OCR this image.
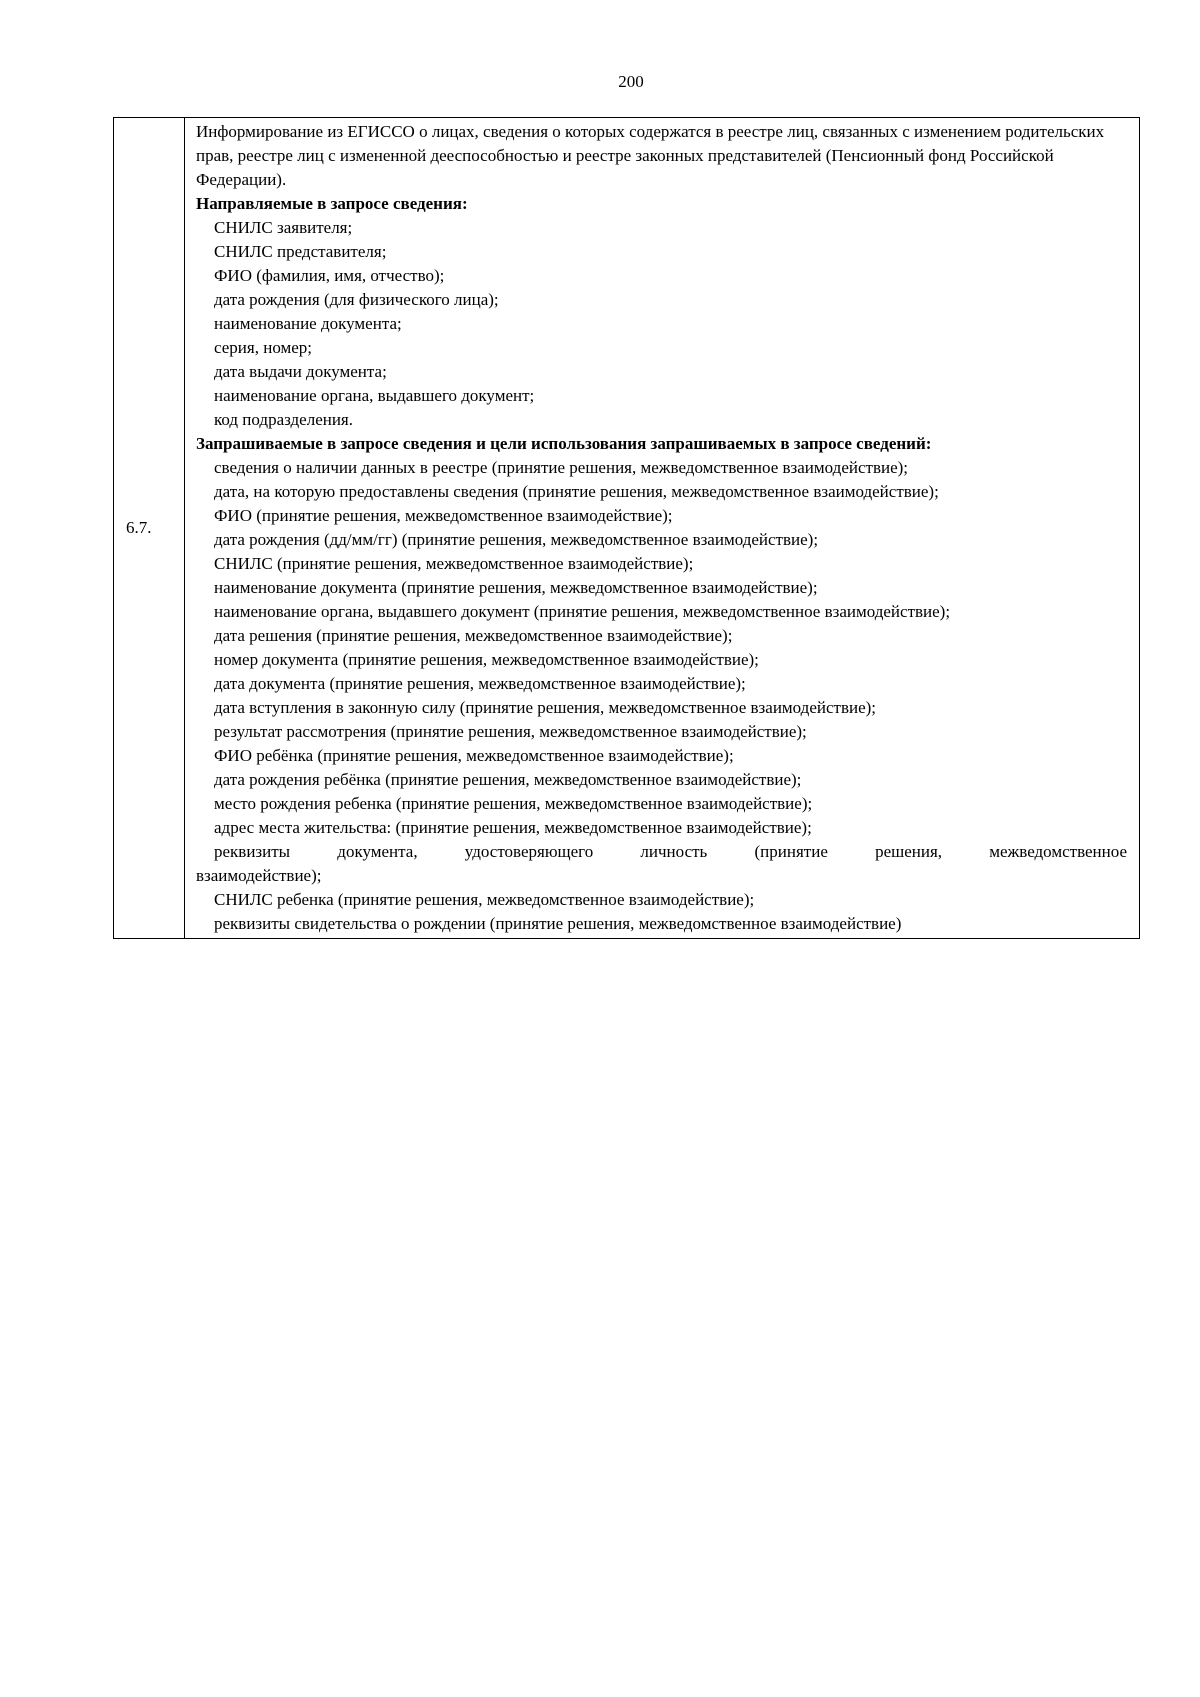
200
6.7.

Информирование из ЕГИССО о лицах, сведения о которых содержатся в реестре лиц, связанных с изменением родительских прав, реестре лиц с измененной дееспособностью и реестре законных представителей (Пенсионный фонд Российской Федерации).

Направляемые в запросе сведения:

СНИЛС заявителя;
СНИЛС представителя;
ФИО (фамилия, имя, отчество);
дата рождения (для физического лица);
наименование документа;
серия, номер;
дата выдачи документа;
наименование органа, выдавшего документ;
код подразделения.

Запрашиваемые в запросе сведения и цели использования запрашиваемых в запросе сведений:

сведения о наличии данных в реестре (принятие решения, межведомственное взаимодействие);
дата, на которую предоставлены сведения (принятие решения, межведомственное взаимодействие);
ФИО (принятие решения, межведомственное взаимодействие);
дата рождения (дд/мм/гг) (принятие решения, межведомственное взаимодействие);
СНИЛС (принятие решения, межведомственное взаимодействие);
наименование документа (принятие решения, межведомственное взаимодействие);
наименование органа, выдавшего документ (принятие решения, межведомственное взаимодействие);
дата решения (принятие решения, межведомственное взаимодействие);
номер документа (принятие решения, межведомственное взаимодействие);
дата документа (принятие решения, межведомственное взаимодействие);
дата вступления в законную силу (принятие решения, межведомственное взаимодействие);
результат рассмотрения (принятие решения, межведомственное взаимодействие);
ФИО ребёнка (принятие решения, межведомственное взаимодействие);
дата рождения ребёнка (принятие решения, межведомственное взаимодействие);
место рождения ребенка (принятие решения, межведомственное взаимодействие);
адрес места жительства: (принятие решения, межведомственное взаимодействие);
реквизиты документа, удостоверяющего личность (принятие решения, межведомственное
взаимодействие);
СНИЛС ребенка (принятие решения, межведомственное взаимодействие);
реквизиты свидетельства о рождении (принятие решения, межведомственное взаимодействие)
